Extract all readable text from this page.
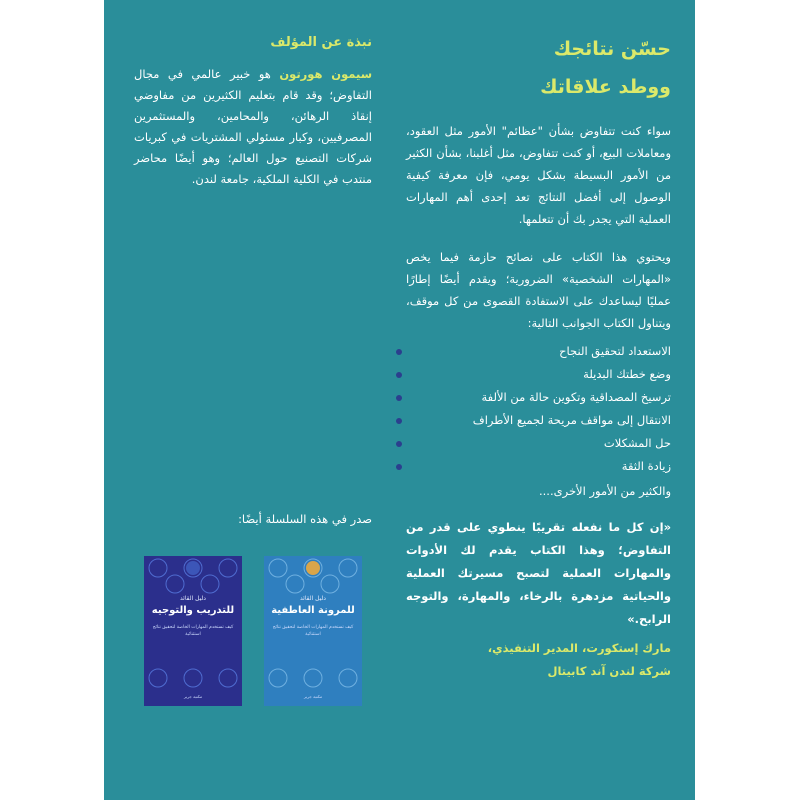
حسّن نتائجك
ووطد علاقاتك

سواء كنت تتفاوض بشأن "عظائم" الأمور مثل العقود، ومعاملات البيع، أو كنت تتفاوض، مثل أغلبنا، بشأن الكثير من الأمور البسيطة بشكل يومي، فإن معرفة كيفية الوصول إلى أفضل النتائج تعد إحدى أهم المهارات العملية التي يجدر بك أن تتعلمها.

ويحتوي هذا الكتاب على نصائح حازمة فيما يخص «المهارات الشخصية» الضرورية؛ ويقدم أيضًا إطارًا عمليًا ليساعدك على الاستفادة القصوى من كل موقف، ويتناول الكتاب الجوانب التالية:

الاستعداد لتحقيق النجاح
وضع خطتك البديلة
ترسيخ المصداقية وتكوين حالة من الألفة
الانتقال إلى مواقف مريحة لجميع الأطراف
حل المشكلات
زيادة الثقة
والكثير من الأمور الأخرى....
«إن كل ما نفعله تقريبًا ينطوي على قدر من التفاوض؛ وهذا الكتاب يقدم لك الأدوات والمهارات العملية لتصبح مسيرتك العملية والحياتية مزدهرة بالرخاء، والمهارة، والتوجه الرابح.»
مارك إستكورت، المدير التنفيذي،
شركة لندن آند كابيتال
نبذة عن المؤلف

سيمون هورتون هو خبير عالمي في مجال التفاوض؛ وقد قام بتعليم الكثيرين من مفاوضي إنقاذ الرهائن، والمحامين، والمستثمرين المصرفيين، وكبار مسئولي المشتريات في كبريات شركات التصنيع حول العالم؛ وهو أيضًا محاضر منتدب في الكلية الملكية، جامعة لندن.

صدر في هذه السلسلة أيضًا:

دليل القائد
للتدريب والتوجيه
كيف تستخدم المهارات الخاصة لتحقيق نتائج استثنائية
مكتبة جرير
دليل القائد
للمرونة العاطفية
كيف تستخدم المهارات الخاصة لتحقيق نتائج استثنائية
مكتبة جرير
